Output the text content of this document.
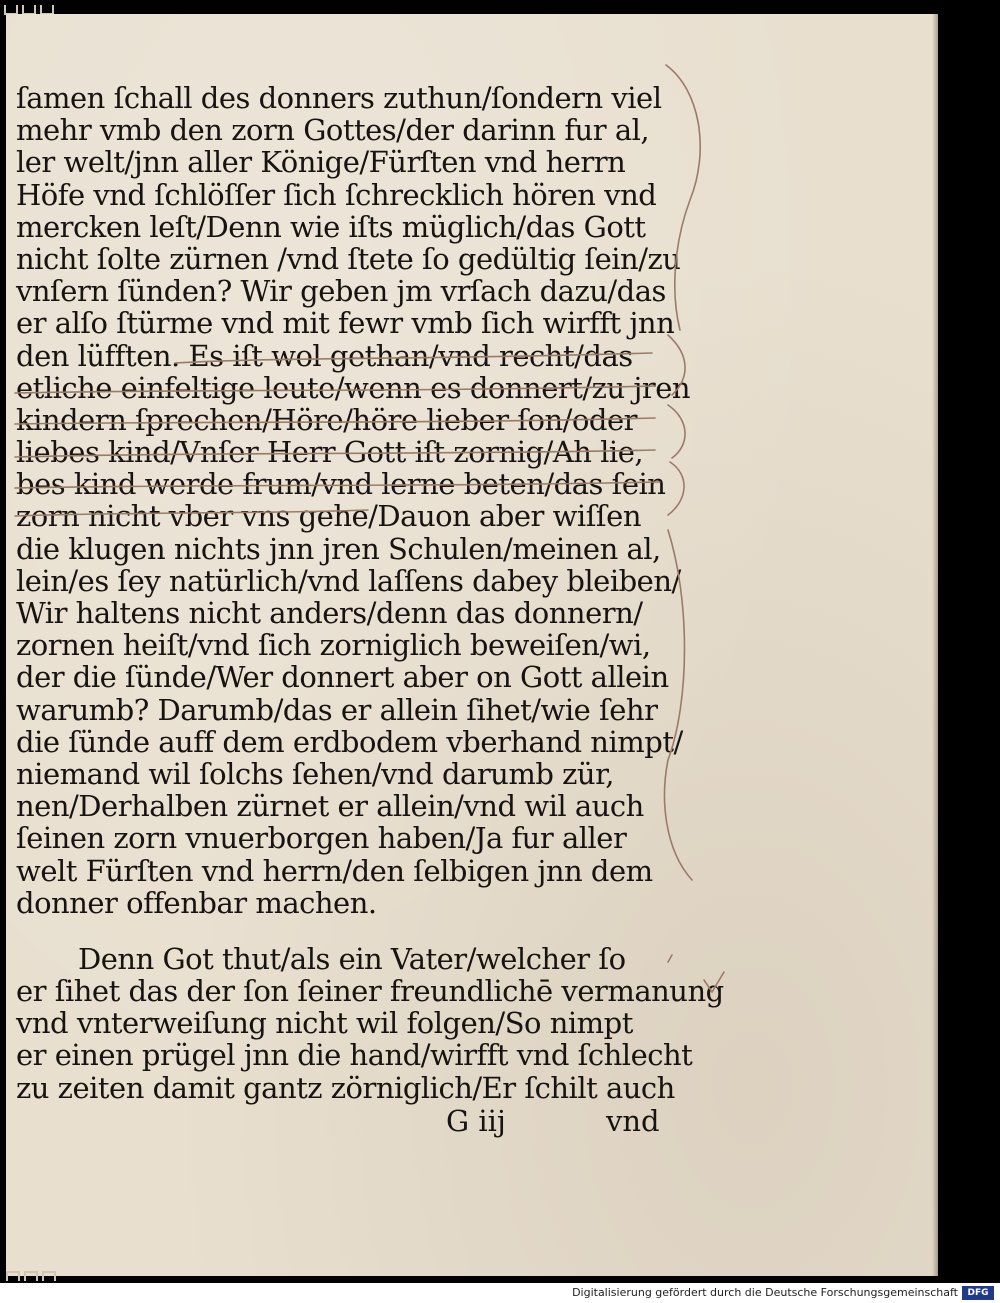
ſamen ſchall des donners zuthun/ſondern viel
mehr vmb den zorn Gottes/der darinn fur al,
ler welt/jnn aller Könige/Fürſten vnd herrn
Höfe vnd ſchlöſſer ſich ſchrecklich hören vnd
mercken leſt/Denn wie iſts müglich/das Gott
nicht ſolte zürnen /vnd ſtete ſo gedültig ſein/zu
vnſern ſünden? Wir geben jm vrſach dazu/das
er alſo ſtürme vnd mit fewr vmb ſich wirfft jnn
den lüfften. Es iſt wol gethan/vnd recht/das
etliche einfeltige leute/wenn es donnert/zu jren
kindern ſprechen/Höre/höre lieber ſon/oder
liebes kind/Vnſer Herr Gott iſt zornig/Ah lie,
bes kind werde frum/vnd lerne beten/das ſein
zorn nicht vber vns gehe/Dauon aber wiſſen
die klugen nichts jnn jren Schulen/meinen al,
lein/es ſey natürlich/vnd laſſens dabey bleiben/
Wir haltens nicht anders/denn das donnern/
zornen heiſt/vnd ſich zorniglich beweiſen/wi,
der die ſünde/Wer donnert aber on Gott allein
warumb? Darumb/das er allein ſihet/wie ſehr
die ſünde auff dem erdbodem vberhand nimpt/
niemand wil ſolchs ſehen/vnd darumb zür,
nen/Derhalben zürnet er allein/vnd wil auch
ſeinen zorn vnuerborgen haben/Ja fur aller
welt Fürſten vnd herrn/den ſelbigen jnn dem
donner offenbar machen.
Denn Got thut/als ein Vater/welcher ſo
er ſihet das der ſon ſeiner freundlichē vermanung
vnd vnterweiſung nicht wil folgen/So nimpt
er einen prügel jnn die hand/wirfft vnd ſchlecht
zu zeiten damit gantz zörniglich/Er ſchilt auch
G iij	vnd
Digitalisierung gefördert durch die Deutsche Forschungsgemeinschaft	DFG
